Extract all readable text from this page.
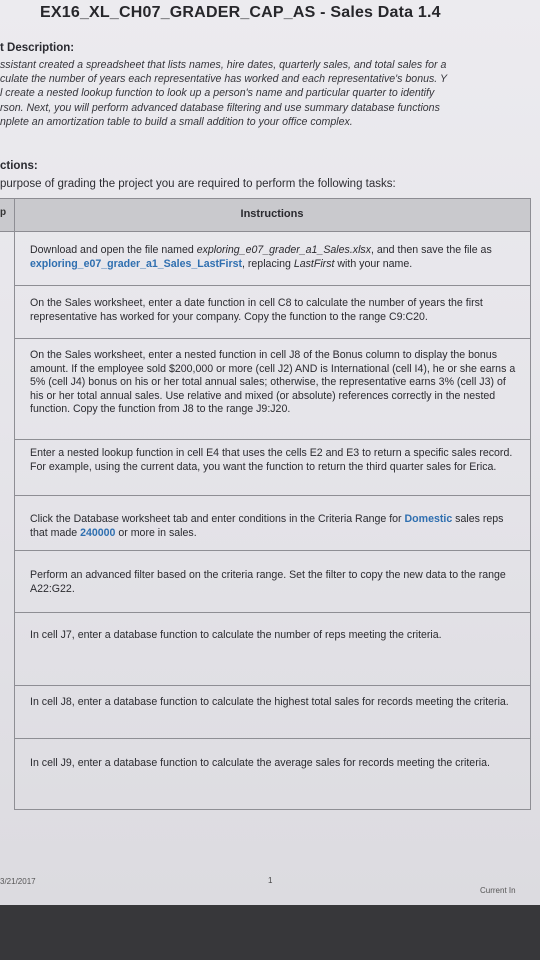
EX16_XL_CH07_GRADER_CAP_AS - Sales Data 1.4
t Description:
ssistant created a spreadsheet that lists names, hire dates, quarterly sales, and total sales for a
culate the number of years each representative has worked and each representative's bonus. Y
l create a nested lookup function to look up a person's name and particular quarter to identify
rson. Next, you will perform advanced database filtering and use summary database functions
nplete an amortization table to build a small addition to your office complex.
ctions:
purpose of grading the project you are required to perform the following tasks:
p	Instructions
Download and open the file named exploring_e07_grader_a1_Sales.xlsx, and then save the file as exploring_e07_grader_a1_Sales_LastFirst, replacing LastFirst with your name.
On the Sales worksheet, enter a date function in cell C8 to calculate the number of years the first representative has worked for your company. Copy the function to the range C9:C20.
On the Sales worksheet, enter a nested function in cell J8 of the Bonus column to display the bonus amount. If the employee sold $200,000 or more (cell J2) AND is International (cell I4), he or she earns a 5% (cell J4) bonus on his or her total annual sales; otherwise, the representative earns 3% (cell J3) of his or her total annual sales. Use relative and mixed (or absolute) references correctly in the nested function. Copy the function from J8 to the range J9:J20.
Enter a nested lookup function in cell E4 that uses the cells E2 and E3 to return a specific sales record. For example, using the current data, you want the function to return the third quarter sales for Erica.
Click the Database worksheet tab and enter conditions in the Criteria Range for Domestic sales reps that made 240000 or more in sales.
Perform an advanced filter based on the criteria range. Set the filter to copy the new data to the range A22:G22.
In cell J7, enter a database function to calculate the number of reps meeting the criteria.
In cell J8, enter a database function to calculate the highest total sales for records meeting the criteria.
In cell J9, enter a database function to calculate the average sales for records meeting the criteria.
3/21/2017	1
Current In
